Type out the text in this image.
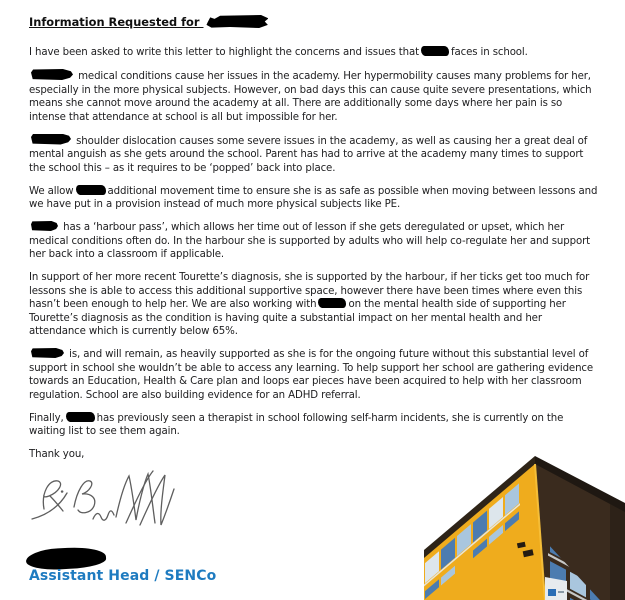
Information Requested for

I have been asked to write this letter to highlight the concerns and issues that	faces in school.

medical conditions cause her issues in the academy. Her hypermobility causes many problems for her, especially in the more physical subjects. However, on bad days this can cause quite severe presentations, which means she cannot move around the academy at all. There are additionally some days where her pain is so intense that attendance at school is all but impossible for her.

shoulder dislocation causes some severe issues in the academy, as well as causing her a great deal of mental anguish as she gets around the school. Parent has had to arrive at the academy many times to support the school this – as it requires to be ‘popped’ back into place.

We allow	additional movement time to ensure she is as safe as possible when moving between lessons and we have put in a provision instead of much more physical subjects like PE.

has a ‘harbour pass’, which allows her time out of lesson if she gets deregulated or upset, which her medical conditions often do. In the harbour she is supported by adults who will help co-regulate her and support her back into a classroom if applicable.

In support of her more recent Tourette’s diagnosis, she is supported by the harbour, if her ticks get too much for lessons she is able to access this additional supportive space, however there have been times where even this hasn’t been enough to help her. We are also working with	on the mental health side of supporting her Tourette’s diagnosis as the condition is having quite a substantial impact on her mental health and her attendance which is currently below 65%.

is, and will remain, as heavily supported as she is for the ongoing future without this substantial level of support in school she wouldn’t be able to access any learning. To help support her school are gathering evidence towards an Education, Health & Care plan and loops ear pieces have been acquired to help with her classroom regulation. School are also building evidence for an ADHD referral.

Finally,	has previously seen a therapist in school following self-harm incidents, she is currently on the waiting list to see them again.

Thank you,
Assistant Head / SENCo
